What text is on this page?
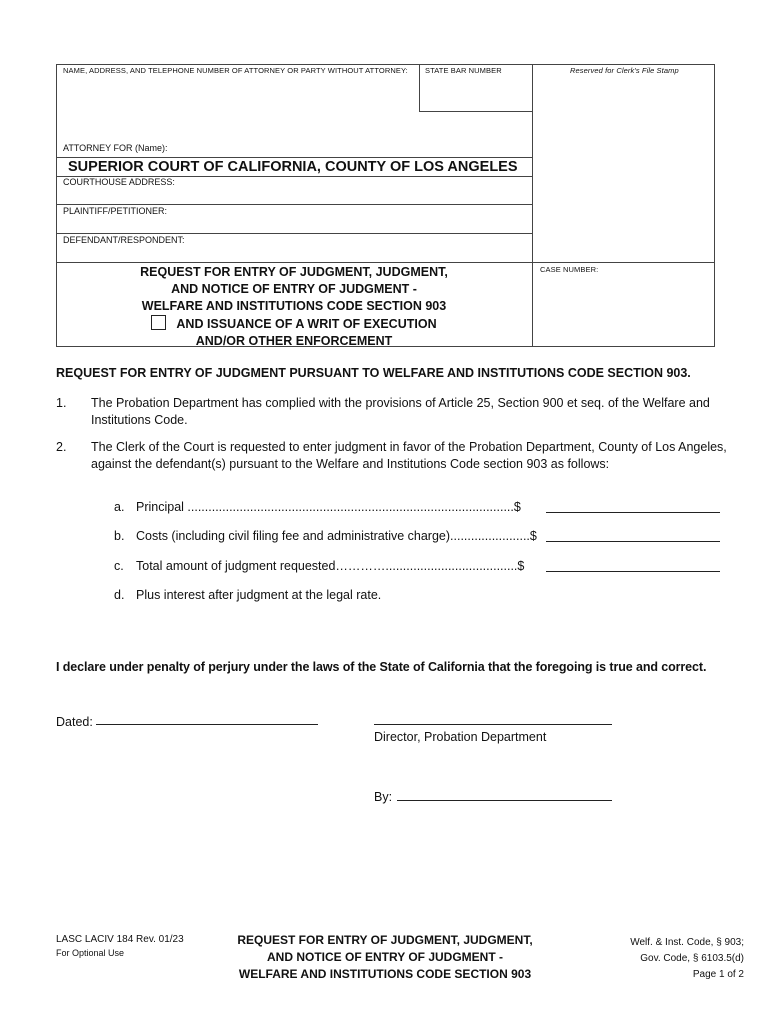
NAME, ADDRESS, AND TELEPHONE NUMBER OF ATTORNEY OR PARTY WITHOUT ATTORNEY: STATE BAR NUMBER	Reserved for Clerk's File Stamp
ATTORNEY FOR (Name):
SUPERIOR COURT OF CALIFORNIA, COUNTY OF LOS ANGELES
COURTHOUSE ADDRESS:
PLAINTIFF/PETITIONER:
DEFENDANT/RESPONDENT:
CASE NUMBER:
REQUEST FOR ENTRY OF JUDGMENT, JUDGMENT,
AND NOTICE OF ENTRY OF JUDGMENT -
WELFARE AND INSTITUTIONS CODE SECTION 903
AND ISSUANCE OF A WRIT OF EXECUTION
AND/OR OTHER ENFORCEMENT
REQUEST FOR ENTRY OF JUDGMENT PURSUANT TO WELFARE AND INSTITUTIONS CODE SECTION 903.
1. The Probation Department has complied with the provisions of Article 25, Section 900 et seq. of the Welfare and
Institutions Code.
2. The Clerk of the Court is requested to enter judgment in favor of the Probation Department, County of Los Angeles,
against the defendant(s) pursuant to the Welfare and Institutions Code section 903 as follows:
a. Principal ..............................................................................................$
b. Costs (including civil filing fee and administrative charge).......................$
c. Total amount of judgment requested…………......................................$
d. Plus interest after judgment at the legal rate.
I declare under penalty of perjury under the laws of the State of California that the foregoing is true and correct.
Dated:
Director, Probation Department
By:
LASC LACIV 184 Rev. 01/23
For Optional Use
REQUEST FOR ENTRY OF JUDGMENT, JUDGMENT,
AND NOTICE OF ENTRY OF JUDGMENT -
WELFARE AND INSTITUTIONS CODE SECTION 903
Welf. & Inst. Code, § 903;
Gov. Code, § 6103.5(d)
Page 1 of 2
